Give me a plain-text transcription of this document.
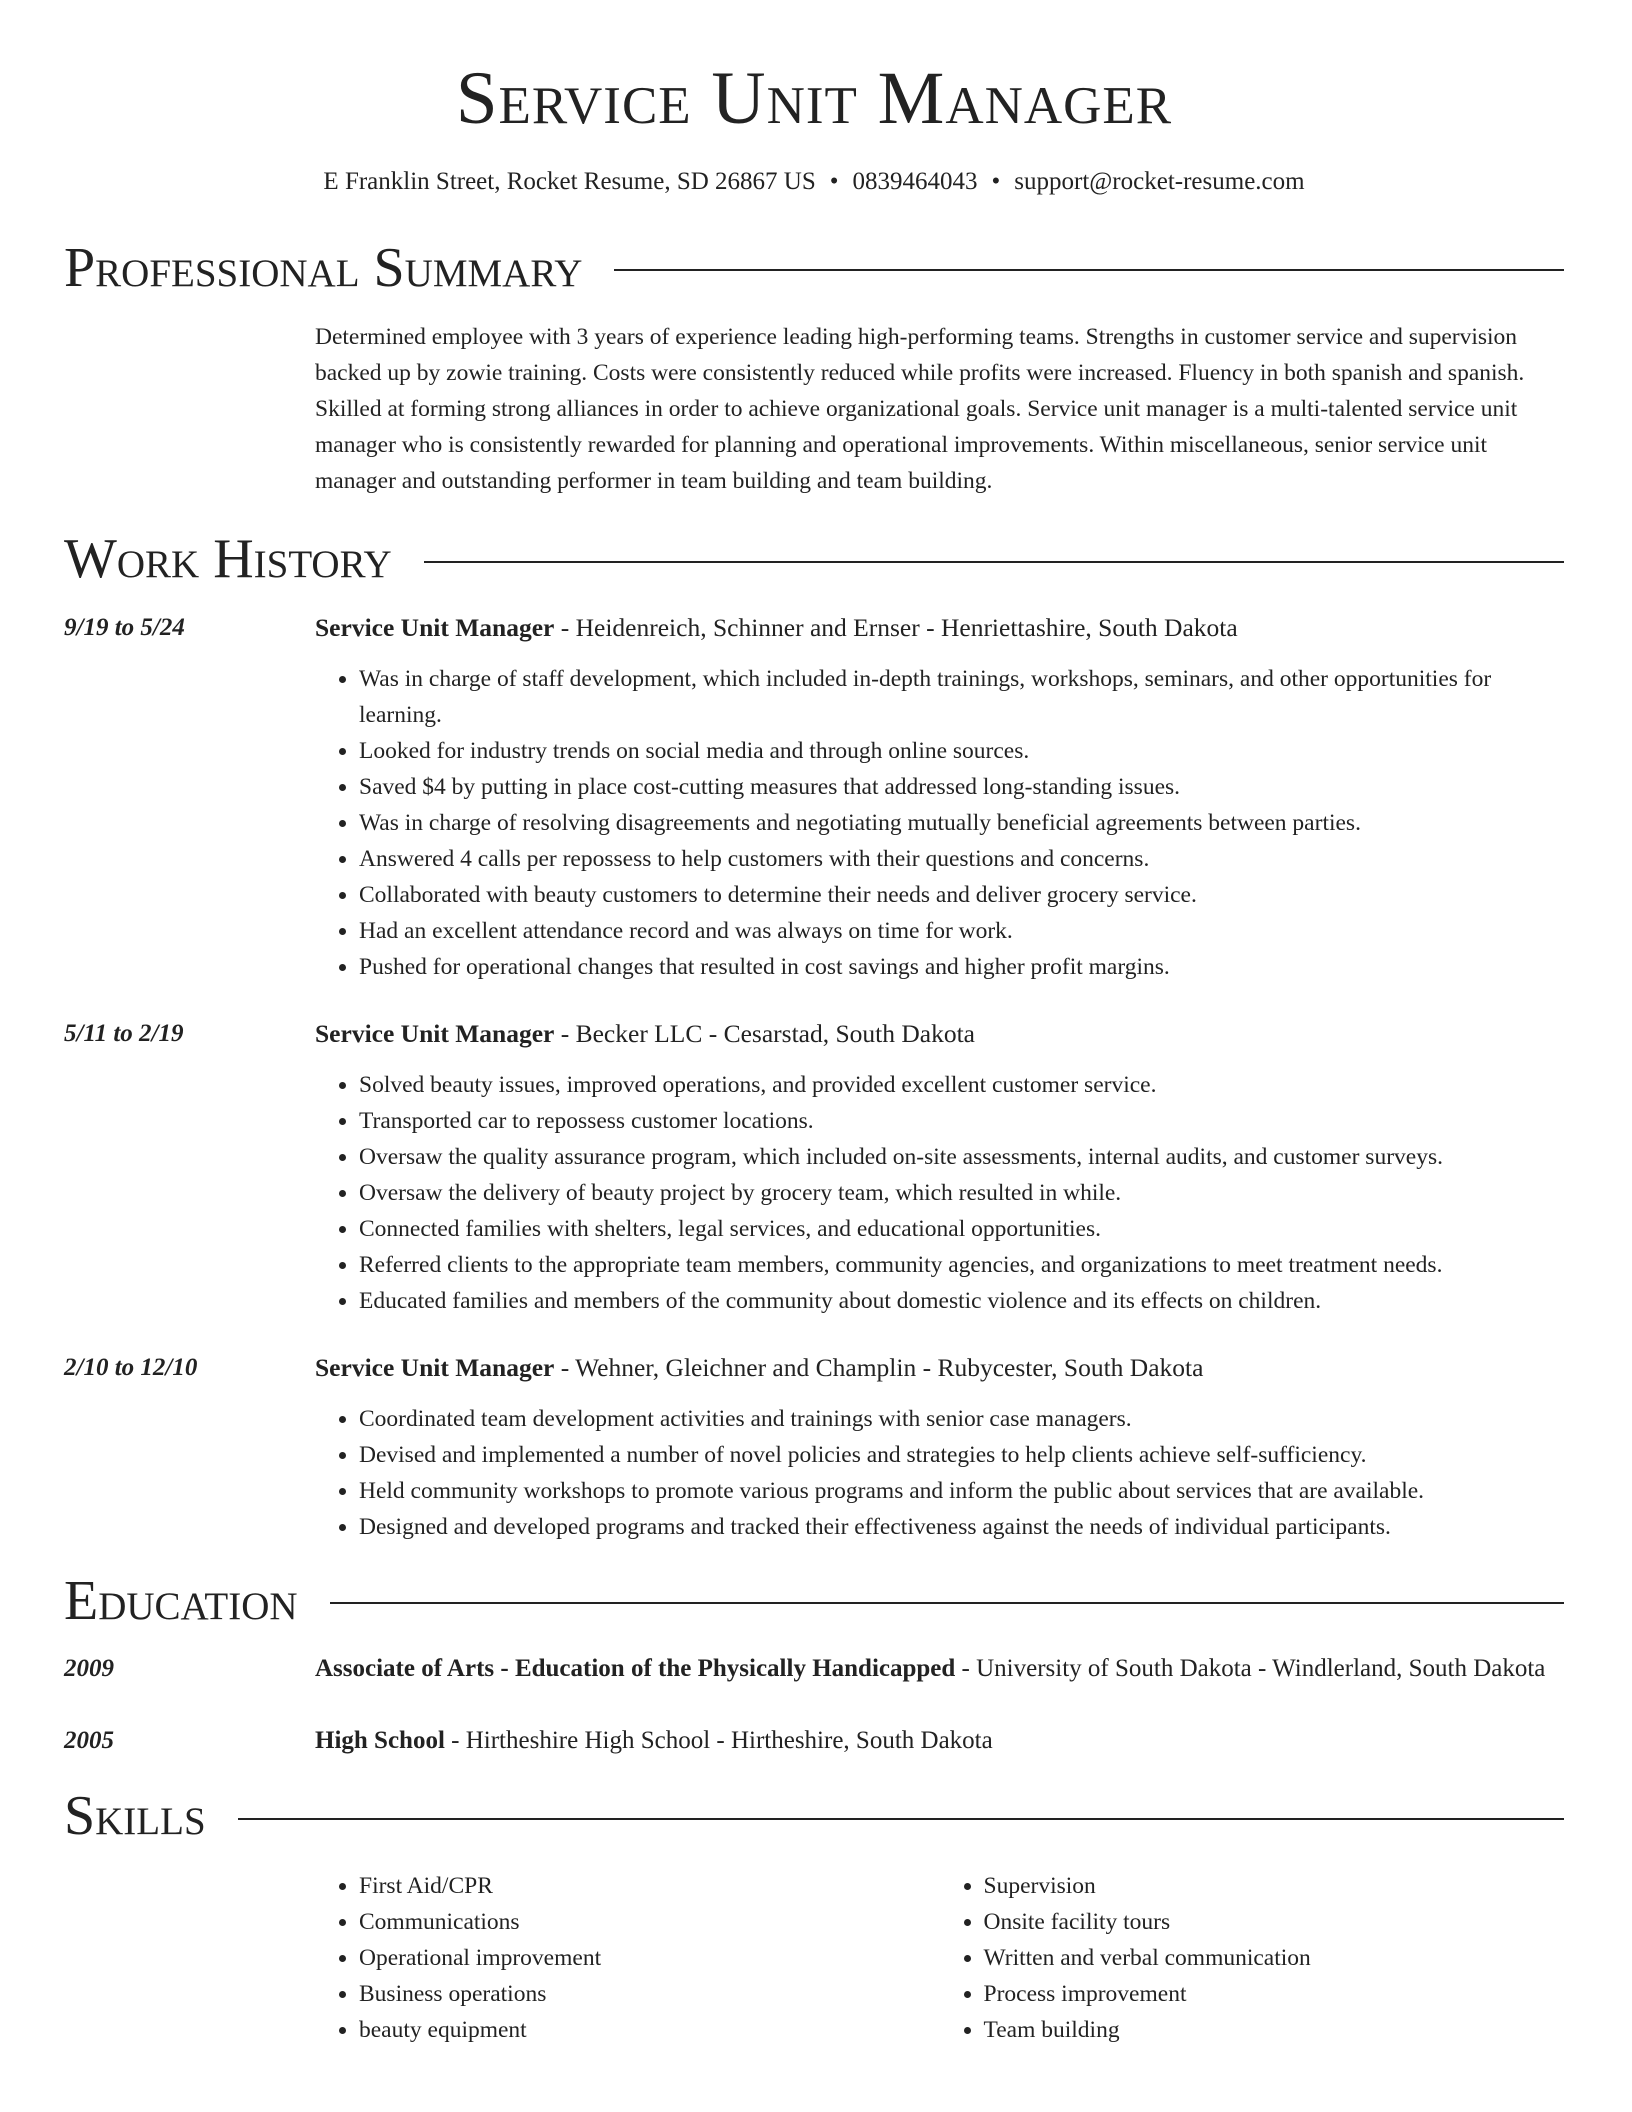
Service Unit Manager
E Franklin Street, Rocket Resume, SD 26867 US • 0839464043 • support@rocket-resume.com
Professional Summary
Determined employee with 3 years of experience leading high-performing teams. Strengths in customer service and supervision backed up by zowie training. Costs were consistently reduced while profits were increased. Fluency in both spanish and spanish. Skilled at forming strong alliances in order to achieve organizational goals. Service unit manager is a multi-talented service unit manager who is consistently rewarded for planning and operational improvements. Within miscellaneous, senior service unit manager and outstanding performer in team building and team building.
Work History
9/19 to 5/24	Service Unit Manager - Heidenreich, Schinner and Ernser - Henriettashire, South Dakota
• Was in charge of staff development, which included in-depth trainings, workshops, seminars, and other opportunities for learning.
• Looked for industry trends on social media and through online sources.
• Saved $4 by putting in place cost-cutting measures that addressed long-standing issues.
• Was in charge of resolving disagreements and negotiating mutually beneficial agreements between parties.
• Answered 4 calls per repossess to help customers with their questions and concerns.
• Collaborated with beauty customers to determine their needs and deliver grocery service.
• Had an excellent attendance record and was always on time for work.
• Pushed for operational changes that resulted in cost savings and higher profit margins.
5/11 to 2/19	Service Unit Manager - Becker LLC - Cesarstad, South Dakota
• Solved beauty issues, improved operations, and provided excellent customer service.
• Transported car to repossess customer locations.
• Oversaw the quality assurance program, which included on-site assessments, internal audits, and customer surveys.
• Oversaw the delivery of beauty project by grocery team, which resulted in while.
• Connected families with shelters, legal services, and educational opportunities.
• Referred clients to the appropriate team members, community agencies, and organizations to meet treatment needs.
• Educated families and members of the community about domestic violence and its effects on children.
2/10 to 12/10	Service Unit Manager - Wehner, Gleichner and Champlin - Rubycester, South Dakota
• Coordinated team development activities and trainings with senior case managers.
• Devised and implemented a number of novel policies and strategies to help clients achieve self-sufficiency.
• Held community workshops to promote various programs and inform the public about services that are available.
• Designed and developed programs and tracked their effectiveness against the needs of individual participants.
Education
2009	Associate of Arts - Education of the Physically Handicapped - University of South Dakota - Windlerland, South Dakota
2005	High School - Hirtheshire High School - Hirtheshire, South Dakota
Skills
• First Aid/CPR
• Communications
• Operational improvement
• Business operations
• beauty equipment
• Supervision
• Onsite facility tours
• Written and verbal communication
• Process improvement
• Team building
